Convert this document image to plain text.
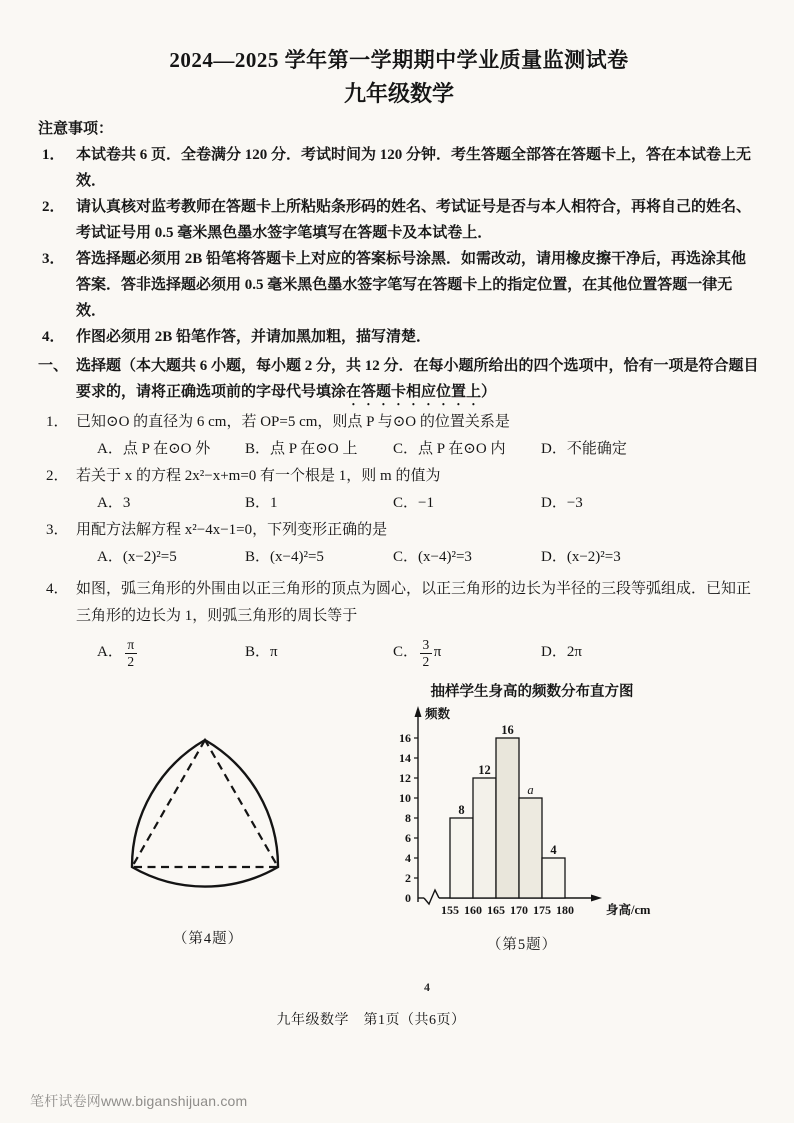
2024—2025 学年第一学期期中学业质量监测试卷
九年级数学
注意事项：
1． 本试卷共 6 页．全卷满分 120 分．考试时间为 120 分钟．考生答题全部答在答题卡上，答在本试卷上无效．
2． 请认真核对监考教师在答题卡上所粘贴条形码的姓名、考试证号是否与本人相符合，再将自己的姓名、考试证号用 0.5 毫米黑色墨水签字笔填写在答题卡及本试卷上．
3． 答选择题必须用 2B 铅笔将答题卡上对应的答案标号涂黑．如需改动，请用橡皮擦干净后，再选涂其他答案．答非选择题必须用 0.5 毫米黑色墨水签字笔写在答题卡上的指定位置，在其他位置答题一律无效．
4． 作图必须用 2B 铅笔作答，并请加黑加粗，描写清楚．
一、 选择题（本大题共 6 小题，每小题 2 分，共 12 分．在每小题所给出的四个选项中，恰有一项是符合题目要求的，请将正确选项前的字母代号填涂在答题卡相应位置上）
1． 已知⊙O 的直径为 6 cm，若 OP=5 cm，则点 P 与⊙O 的位置关系是
A．点 P 在⊙O 外	B．点 P 在⊙O 上	C．点 P 在⊙O 内	D．不能确定
2． 若关于 x 的方程 2x²−x+m=0 有一个根是 1，则 m 的值为
A．3	B．1	C．−1	D．−3
3． 用配方法解方程 x²−4x−1=0，下列变形正确的是
A．(x−2)²=5	B．(x−4)²=5	C．(x−4)²=3	D．(x−2)²=3
4． 如图，弧三角形的外围由以正三角形的顶点为圆心，以正三角形的边长为半径的三段等弧组成．已知正三角形的边长为 1，则弧三角形的周长等于
A． $\frac{\pi}{2}$	B． π	C． $\frac{3}{2}$ π	D． 2π
（第4题）
抽样学生身高的频数分布直方图
0
2
4
6
8
10
12
14
16
8
12
16
a
4
155 160 165 170 175 180
频数
身高/cm
（第5题）
4
九年级数学　第1页（共6页）
笔杆试卷网www.biganshijuan.com
